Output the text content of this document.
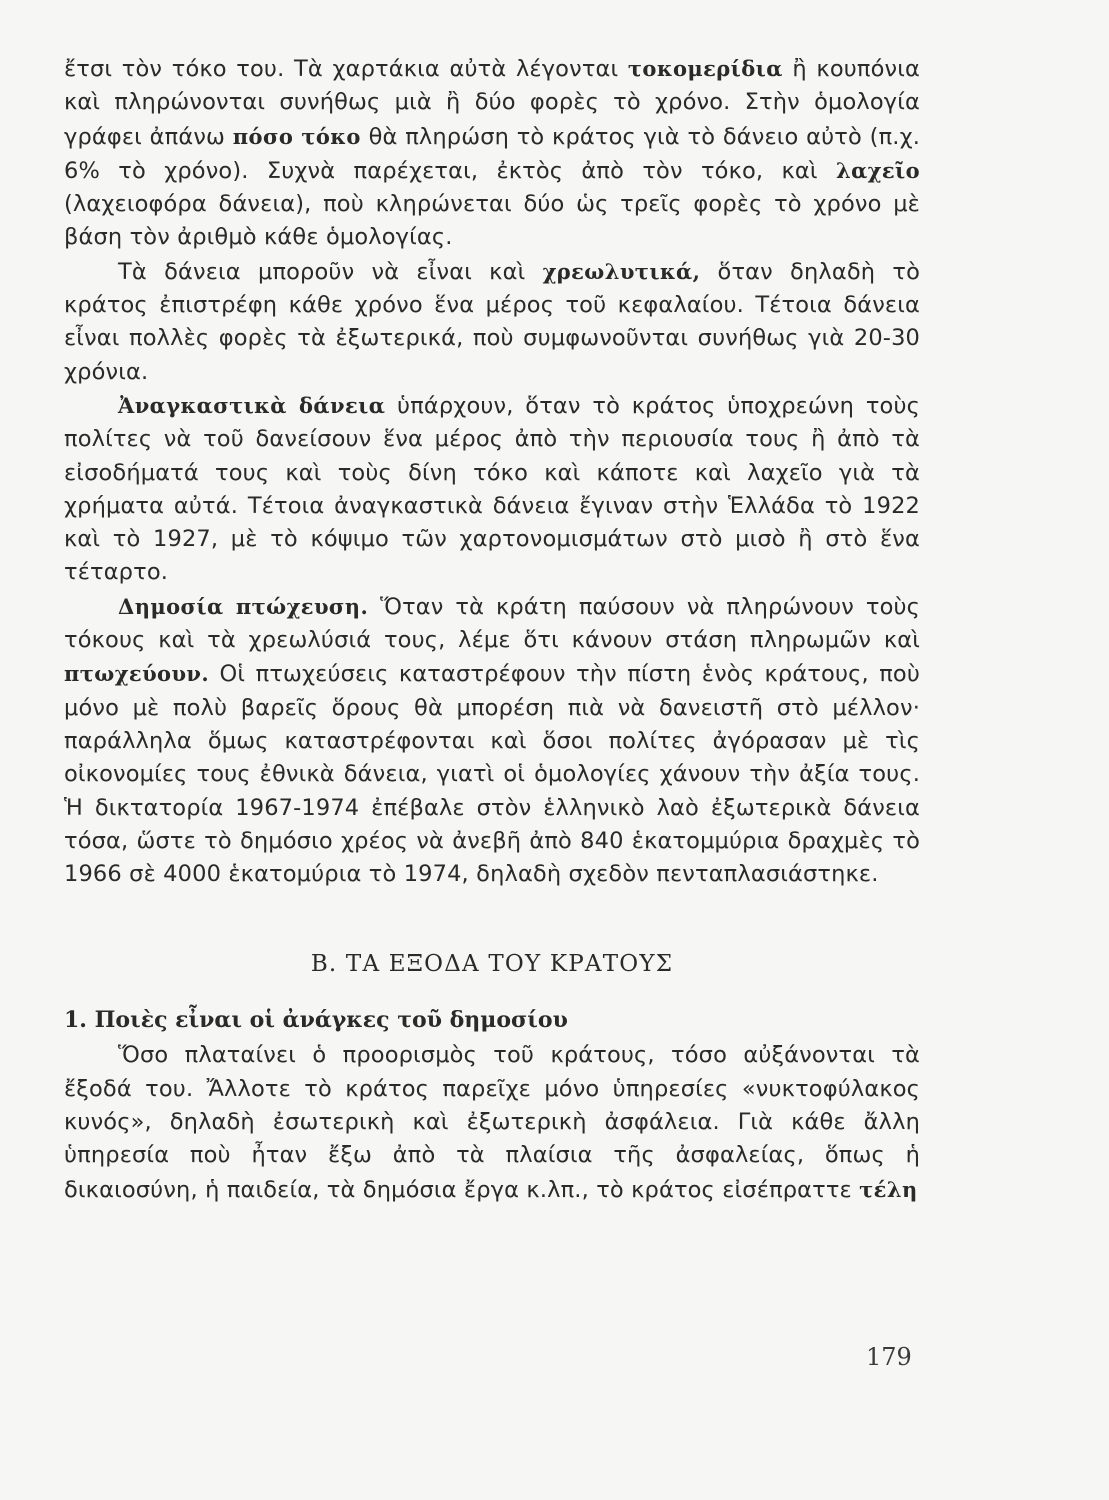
ἔτσι τὸν τόκο του. Τὰ χαρτάκια αὐτὰ λέγονται τοκομερίδια ἢ κουπόνια καὶ πληρώνονται συνήθως μιὰ ἢ δύο φορὲς τὸ χρόνο. Στὴν ὁμολογία γράφει ἀπάνω πόσο τόκο θὰ πληρώση τὸ κράτος γιὰ τὸ δάνειο αὐτὸ (π.χ. 6% τὸ χρόνο). Συχνὰ παρέχεται, ἐκτὸς ἀπὸ τὸν τόκο, καὶ λαχεῖο (λαχειοφόρα δάνεια), ποὺ κληρώνεται δύο ὡς τρεῖς φορὲς τὸ χρόνο μὲ βάση τὸν ἀριθμὸ κάθε ὁμολογίας.

Τὰ δάνεια μποροῦν νὰ εἶναι καὶ χρεωλυτικά, ὅταν δηλαδὴ τὸ κράτος ἐπιστρέφη κάθε χρόνο ἕνα μέρος τοῦ κεφαλαίου. Τέτοια δάνεια εἶναι πολλὲς φορὲς τὰ ἐξωτερικά, ποὺ συμφωνοῦνται συνήθως γιὰ 20-30 χρόνια.

Ἀναγκαστικὰ δάνεια ὑπάρχουν, ὅταν τὸ κράτος ὑποχρεώνη τοὺς πολίτες νὰ τοῦ δανείσουν ἕνα μέρος ἀπὸ τὴν περιουσία τους ἢ ἀπὸ τὰ εἰσοδήματά τους καὶ τοὺς δίνη τόκο καὶ κάποτε καὶ λαχεῖο γιὰ τὰ χρήματα αὐτά. Τέτοια ἀναγκαστικὰ δάνεια ἔγιναν στὴν Ἑλλάδα τὸ 1922 καὶ τὸ 1927, μὲ τὸ κόψιμο τῶν χαρτονομισμάτων στὸ μισὸ ἢ στὸ ἕνα τέταρτο.

Δημοσία πτώχευση. Ὅταν τὰ κράτη παύσουν νὰ πληρώνουν τοὺς τόκους καὶ τὰ χρεωλύσιά τους, λέμε ὅτι κάνουν στάση πληρωμῶν καὶ πτωχεύουν. Οἱ πτωχεύσεις καταστρέφουν τὴν πίστη ἑνὸς κράτους, ποὺ μόνο μὲ πολὺ βαρεῖς ὅρους θὰ μπορέση πιὰ νὰ δανειστῆ στὸ μέλλον· παράλληλα ὅμως καταστρέφονται καὶ ὅσοι πολίτες ἀγόρασαν μὲ τὶς οἰκονομίες τους ἐθνικὰ δάνεια, γιατὶ οἱ ὁμολογίες χάνουν τὴν ἀξία τους. Ἡ δικτατορία 1967-1974 ἐπέβαλε στὸν ἑλληνικὸ λαὸ ἐξωτερικὰ δάνεια τόσα, ὥστε τὸ δημόσιο χρέος νὰ ἀνεβῆ ἀπὸ 840 ἑκατομμύρια δραχμὲς τὸ 1966 σὲ 4000 ἑκατομύρια τὸ 1974, δηλαδὴ σχεδὸν πενταπλασιάστηκε.

Β. ΤΑ ΕΞΟΔΑ ΤΟΥ ΚΡΑΤΟΥΣ
1. Ποιὲς εἶναι οἱ ἀνάγκες τοῦ δημοσίου

Ὅσο πλαταίνει ὁ προορισμὸς τοῦ κράτους, τόσο αὐξάνονται τὰ ἔξοδά του. Ἄλλοτε τὸ κράτος παρεῖχε μόνο ὑπηρεσίες «νυκτοφύλακος κυνός», δηλαδὴ ἐσωτερικὴ καὶ ἐξωτερικὴ ἀσφάλεια. Γιὰ κάθε ἄλλη ὑπηρεσία ποὺ ἦταν ἔξω ἀπὸ τὰ πλαίσια τῆς ἀσφαλείας, ὅπως ἡ δικαιοσύνη, ἡ παιδεία, τὰ δημόσια ἔργα κ.λπ., τὸ κράτος εἰσέπραττε τέλη

179
